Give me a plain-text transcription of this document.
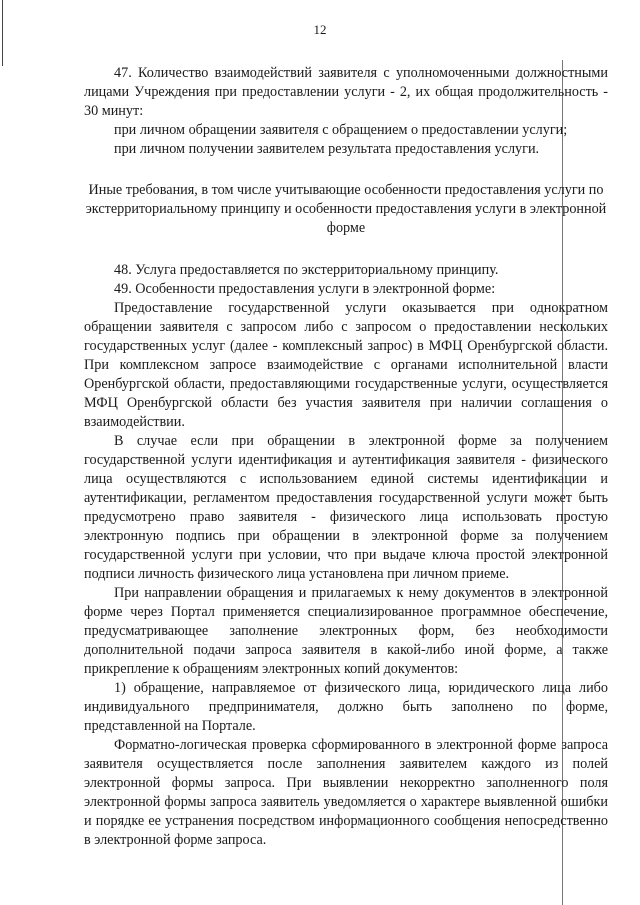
12

47. Количество взаимодействий заявителя с уполномоченными должностными лицами Учреждения при предоставлении услуги - 2, их общая продолжительность - 30 минут:

при личном обращении заявителя с обращением о предоставлении услуги;

при личном получении заявителем результата предоставления услуги.

Иные требования, в том числе учитывающие особенности предоставления услуги по экстерриториальному принципу и особенности предоставления услуги в электронной форме

48. Услуга предоставляется по экстерриториальному принципу.

49. Особенности предоставления услуги в электронной форме:

Предоставление государственной услуги оказывается при однократном обращении заявителя с запросом либо с запросом о предоставлении нескольких государственных услуг (далее - комплексный запрос) в МФЦ Оренбургской области. При комплексном запросе взаимодействие с органами исполнительной власти Оренбургской области, предоставляющими государственные услуги, осуществляется МФЦ Оренбургской области без участия заявителя при наличии соглашения о взаимодействии.

В случае если при обращении в электронной форме за получением государственной услуги идентификация и аутентификация заявителя - физического лица осуществляются с использованием единой системы идентификации и аутентификации, регламентом предоставления государственной услуги может быть предусмотрено право заявителя - физического лица использовать простую электронную подпись при обращении в электронной форме за получением государственной услуги при условии, что при выдаче ключа простой электронной подписи личность физического лица установлена при личном приеме.

При направлении обращения и прилагаемых к нему документов в электронной форме через Портал применяется специализированное программное обеспечение, предусматривающее заполнение электронных форм, без необходимости дополнительной подачи запроса заявителя в какой-либо иной форме, а также прикрепление к обращениям электронных копий документов:

1) обращение, направляемое от физического лица, юридического лица либо индивидуального предпринимателя, должно быть заполнено по форме, представленной на Портале.

Форматно-логическая проверка сформированного в электронной форме запроса заявителя осуществляется после заполнения заявителем каждого из полей электронной формы запроса. При выявлении некорректно заполненного поля электронной формы запроса заявитель уведомляется о характере выявленной ошибки и порядке ее устранения посредством информационного сообщения непосредственно в электронной форме запроса.
